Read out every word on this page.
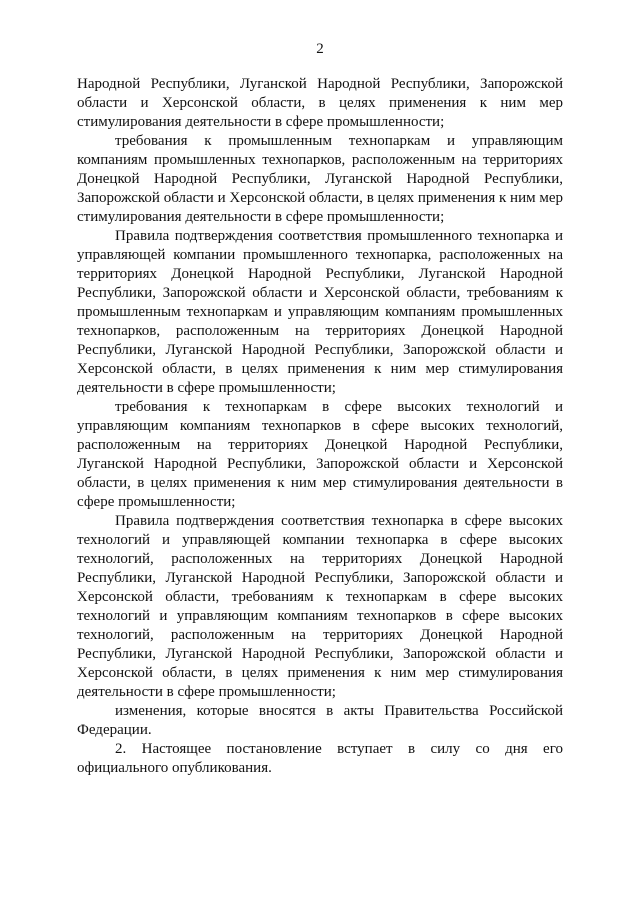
2

Народной Республики, Луганской Народной Республики, Запорожской области и Херсонской области, в целях применения к ним мер стимулирования деятельности в сфере промышленности;

требования к промышленным технопаркам и управляющим компаниям промышленных технопарков, расположенным на территориях Донецкой Народной Республики, Луганской Народной Республики, Запорожской области и Херсонской области, в целях применения к ним мер стимулирования деятельности в сфере промышленности;

Правила подтверждения соответствия промышленного технопарка и управляющей компании промышленного технопарка, расположенных на территориях Донецкой Народной Республики, Луганской Народной Республики, Запорожской области и Херсонской области, требованиям к промышленным технопаркам и управляющим компаниям промышленных технопарков, расположенным на территориях Донецкой Народной Республики, Луганской Народной Республики, Запорожской области и Херсонской области, в целях применения к ним мер стимулирования деятельности в сфере промышленности;

требования к технопаркам в сфере высоких технологий и управляющим компаниям технопарков в сфере высоких технологий, расположенным на территориях Донецкой Народной Республики, Луганской Народной Республики, Запорожской области и Херсонской области, в целях применения к ним мер стимулирования деятельности в сфере промышленности;

Правила подтверждения соответствия технопарка в сфере высоких технологий и управляющей компании технопарка в сфере высоких технологий, расположенных на территориях Донецкой Народной Республики, Луганской Народной Республики, Запорожской области и Херсонской области, требованиям к технопаркам в сфере высоких технологий и управляющим компаниям технопарков в сфере высоких технологий, расположенным на территориях Донецкой Народной Республики, Луганской Народной Республики, Запорожской области и Херсонской области, в целях применения к ним мер стимулирования деятельности в сфере промышленности;

изменения, которые вносятся в акты Правительства Российской Федерации.

2. Настоящее постановление вступает в силу со дня его официального опубликования.
